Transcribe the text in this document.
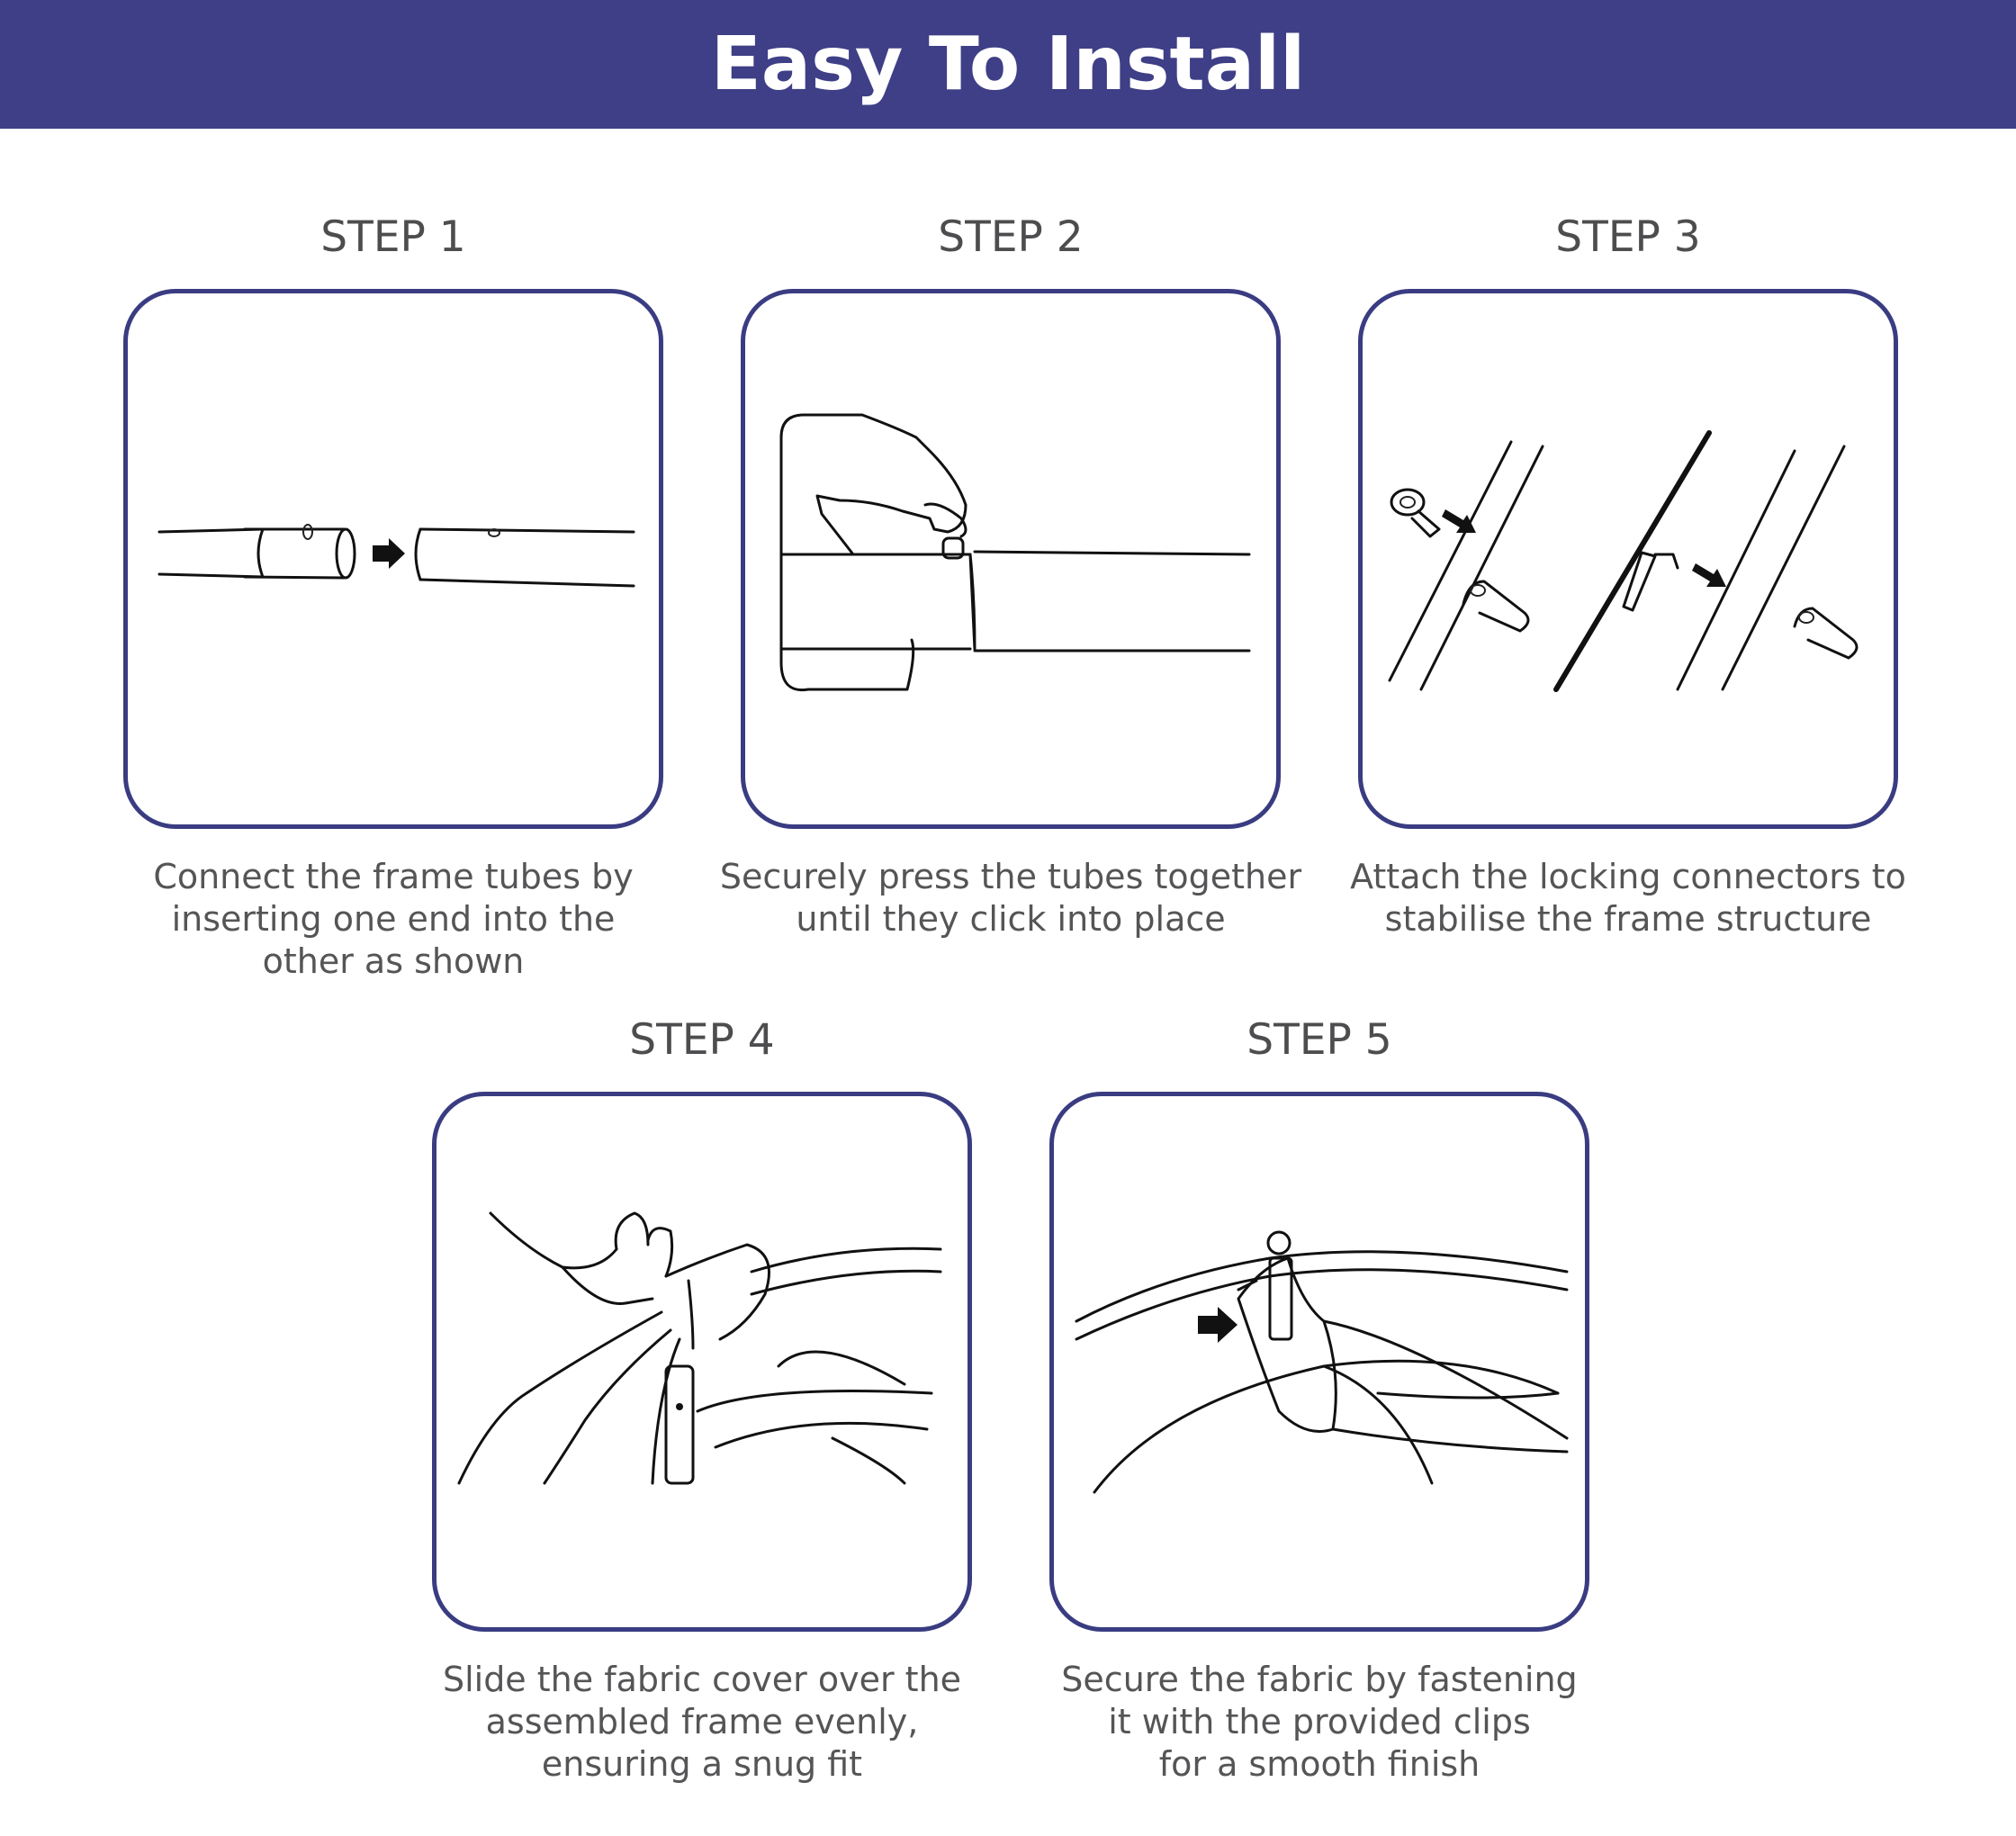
Easy To Install
STEP 1
Connect the frame tubes by
inserting one end into the
other as shown
STEP 2
Securely press the tubes together
until they click into place
STEP 3
Attach the locking connectors to
stabilise the frame structure
STEP 4
Slide the fabric cover over the
assembled frame evenly,
ensuring a snug fit
STEP 5
Secure the fabric by fastening
it with the provided clips
for a smooth finish
